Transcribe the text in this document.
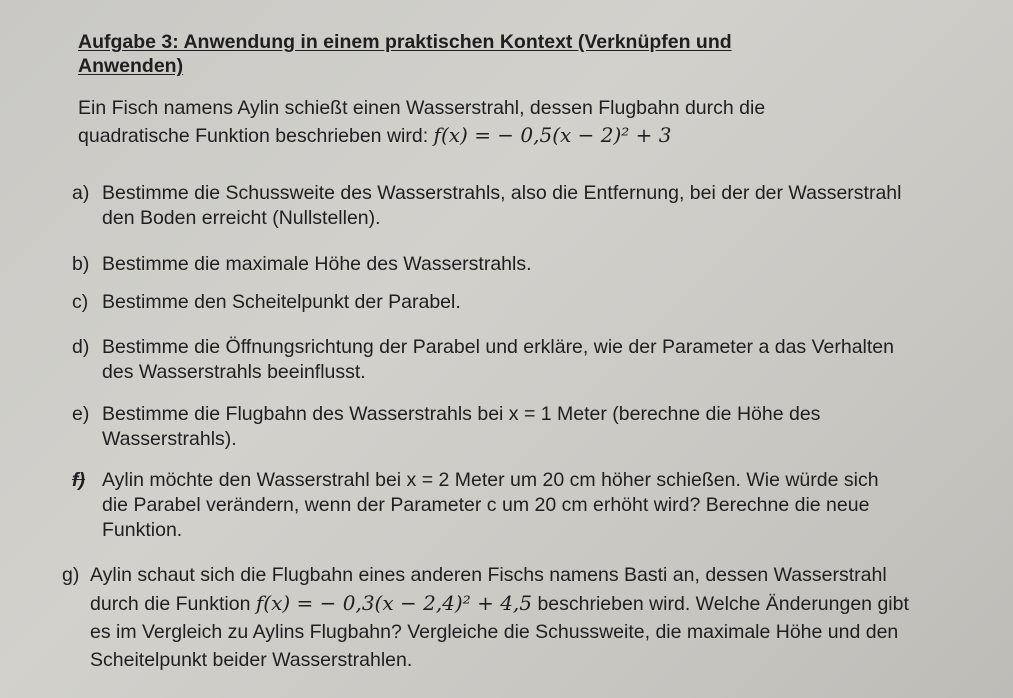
Aufgabe 3: Anwendung in einem praktischen Kontext (Verknüpfen und Anwenden)
Ein Fisch namens Aylin schießt einen Wasserstrahl, dessen Flugbahn durch die quadratische Funktion beschrieben wird: f(x) = − 0,5(x − 2)² + 3
a) Bestimme die Schussweite des Wasserstrahls, also die Entfernung, bei der der Wasserstrahl den Boden erreicht (Nullstellen).
b) Bestimme die maximale Höhe des Wasserstrahls.
c) Bestimme den Scheitelpunkt der Parabel.
d) Bestimme die Öffnungsrichtung der Parabel und erkläre, wie der Parameter a das Verhalten des Wasserstrahls beeinflusst.
e) Bestimme die Flugbahn des Wasserstrahls bei x = 1 Meter (berechne die Höhe des Wasserstrahls).
f) Aylin möchte den Wasserstrahl bei x = 2 Meter um 20 cm höher schießen. Wie würde sich die Parabel verändern, wenn der Parameter c um 20 cm erhöht wird? Berechne die neue Funktion.
g) Aylin schaut sich die Flugbahn eines anderen Fischs namens Basti an, dessen Wasserstrahl durch die Funktion f(x) = − 0,3(x − 2,4)² + 4,5 beschrieben wird. Welche Änderungen gibt es im Vergleich zu Aylins Flugbahn? Vergleiche die Schussweite, die maximale Höhe und den Scheitelpunkt beider Wasserstrahlen.
